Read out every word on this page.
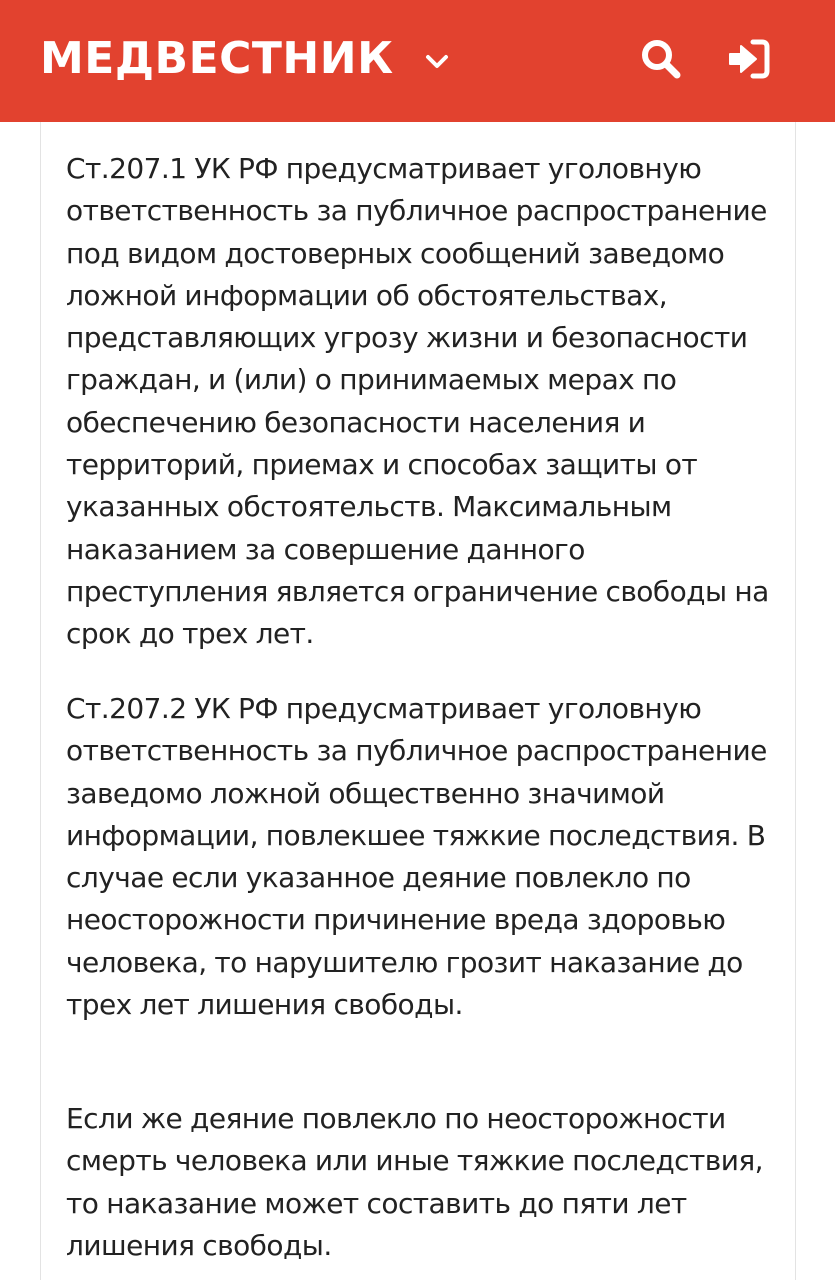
МЕДВЕСТНИК

Ст.207.1 УК РФ предусматривает уголовную ответственность за публичное распространение под видом достоверных сообщений заведомо ложной информации об обстоятельствах, представляющих угрозу жизни и безопасности граждан, и (или) о принимаемых мерах по обеспечению безопасности населения и территорий, приемах и способах защиты от указанных обстоятельств. Максимальным наказанием за совершение данного преступления является ограничение свободы на срок до трех лет.

Ст.207.2 УК РФ предусматривает уголовную ответственность за публичное распространение заведомо ложной общественно значимой информации, повлекшее тяжкие последствия. В случае если указанное деяние повлекло по неосторожности причинение вреда здоровью человека, то нарушителю грозит наказание до трех лет лишения свободы.

Если же деяние повлекло по неосторожности смерть человека или иные тяжкие последствия, то наказание может составить до пяти лет лишения свободы.
